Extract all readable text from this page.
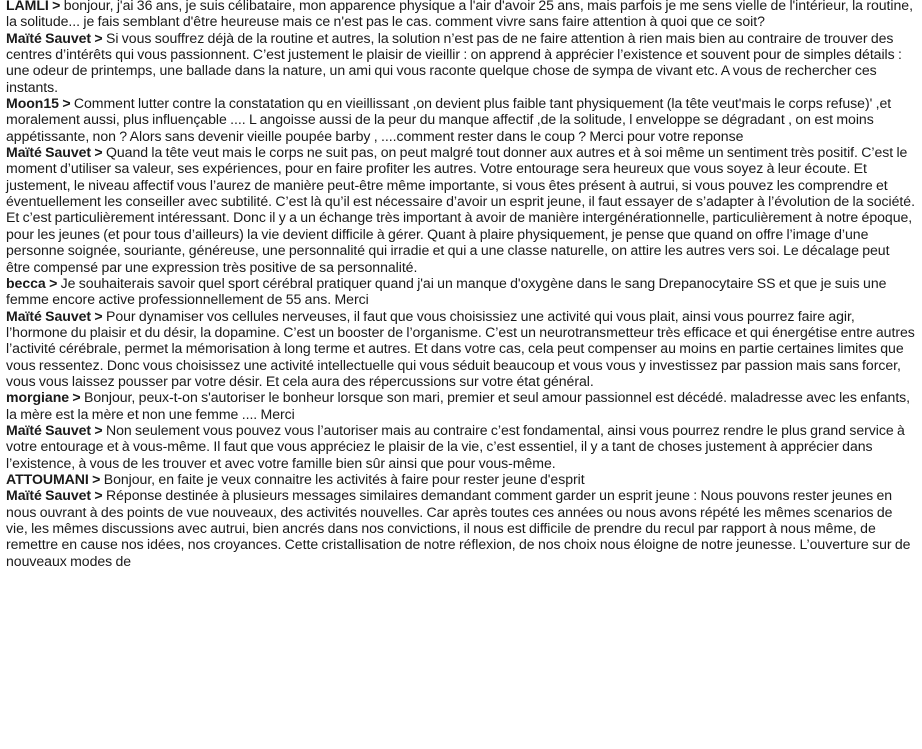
LAMLI > bonjour, j'ai 36 ans, je suis célibataire, mon apparence physique a l'air d'avoir 25 ans, mais parfois je me sens vielle de l'intérieur, la routine, la solitude... je fais semblant d'être heureuse mais ce n'est pas le cas. comment vivre sans faire attention à quoi que ce soit?

Maïté Sauvet > Si vous souffrez déjà de la routine et autres, la solution n’est pas de ne faire attention à rien mais bien au contraire de trouver des centres d’intérêts qui vous passionnent. C’est justement le plaisir de vieillir : on apprend à apprécier l’existence et souvent pour de simples détails : une odeur de printemps, une ballade dans la nature, un ami qui vous raconte quelque chose de sympa de vivant etc. A vous de rechercher ces instants.

Moon15 > Comment lutter contre la constatation qu en vieillissant ,on devient plus faible tant physiquement (la tête veut'mais le corps refuse)' ,et moralement aussi, plus influençable .... L angoisse aussi de la peur du manque affectif ,de la solitude, l enveloppe se dégradant , on est moins appétissante, non ? Alors sans devenir vieille poupée barby , ....comment rester dans le coup ? Merci pour votre reponse

Maïté Sauvet > Quand la tête veut mais le corps ne suit pas, on peut malgré tout donner aux autres et à soi même un sentiment très positif. C’est le moment d’utiliser sa valeur, ses expériences, pour en faire profiter les autres. Votre entourage sera heureux que vous soyez à leur écoute. Et justement, le niveau affectif vous l’aurez de manière peut-être même importante, si vous êtes présent à autrui, si vous pouvez les comprendre et éventuellement les conseiller avec subtilité. C’est là qu’il est nécessaire d’avoir un esprit jeune, il faut essayer de s’adapter à l’évolution de la société. Et c’est particulièrement intéressant. Donc il y a un échange très important à avoir de manière intergénérationnelle, particulièrement à notre époque, pour les jeunes (et pour tous d’ailleurs) la vie devient difficile à gérer. Quant à plaire physiquement, je pense que quand on offre l’image d’une personne soignée, souriante, généreuse, une personnalité qui irradie et qui a une classe naturelle, on attire les autres vers soi. Le décalage peut être compensé par une expression très positive de sa personnalité.

becca > Je souhaiterais savoir quel sport cérébral pratiquer quand j'ai un manque d'oxygène dans le sang Drepanocytaire SS et que je suis une femme encore active professionnellement de 55 ans. Merci

Maïté Sauvet > Pour dynamiser vos cellules nerveuses, il faut que vous choisissiez une activité qui vous plait, ainsi vous pourrez faire agir, l’hormone du plaisir et du désir, la dopamine. C’est un booster de l’organisme. C’est un neurotransmetteur très efficace et qui énergétise entre autres l’activité cérébrale, permet la mémorisation à long terme et autres. Et dans votre cas, cela peut compenser au moins en partie certaines limites que vous ressentez. Donc vous choisissez une activité intellectuelle qui vous séduit beaucoup et vous vous y investissez par passion mais sans forcer, vous vous laissez pousser par votre désir. Et cela aura des répercussions sur votre état général.

morgiane > Bonjour, peux-t-on s'autoriser le bonheur lorsque son mari, premier et seul amour passionnel est décédé. maladresse avec les enfants, la mère est la mère et non une femme .... Merci

Maïté Sauvet > Non seulement vous pouvez vous l’autoriser mais au contraire c’est fondamental, ainsi vous pourrez rendre le plus grand service à votre entourage et à vous-même. Il faut que vous appréciez le plaisir de la vie, c’est essentiel, il y a tant de choses justement à apprécier dans l’existence, à vous de les trouver et avec votre famille bien sûr ainsi que pour vous-même.

ATTOUMANI > Bonjour, en faite je veux connaitre les activités à faire pour rester jeune d'esprit

Maïté Sauvet > Réponse destinée à plusieurs messages similaires demandant comment garder un esprit jeune : Nous pouvons rester jeunes en nous ouvrant à des points de vue nouveaux, des activités nouvelles. Car après toutes ces années ou nous avons répété les mêmes scenarios de vie, les mêmes discussions avec autrui, bien ancrés dans nos convictions, il nous est difficile de prendre du recul par rapport à nous même, de remettre en cause nos idées, nos croyances. Cette cristallisation de notre réflexion, de nos choix nous éloigne de notre jeunesse. L’ouverture sur de nouveaux modes de
